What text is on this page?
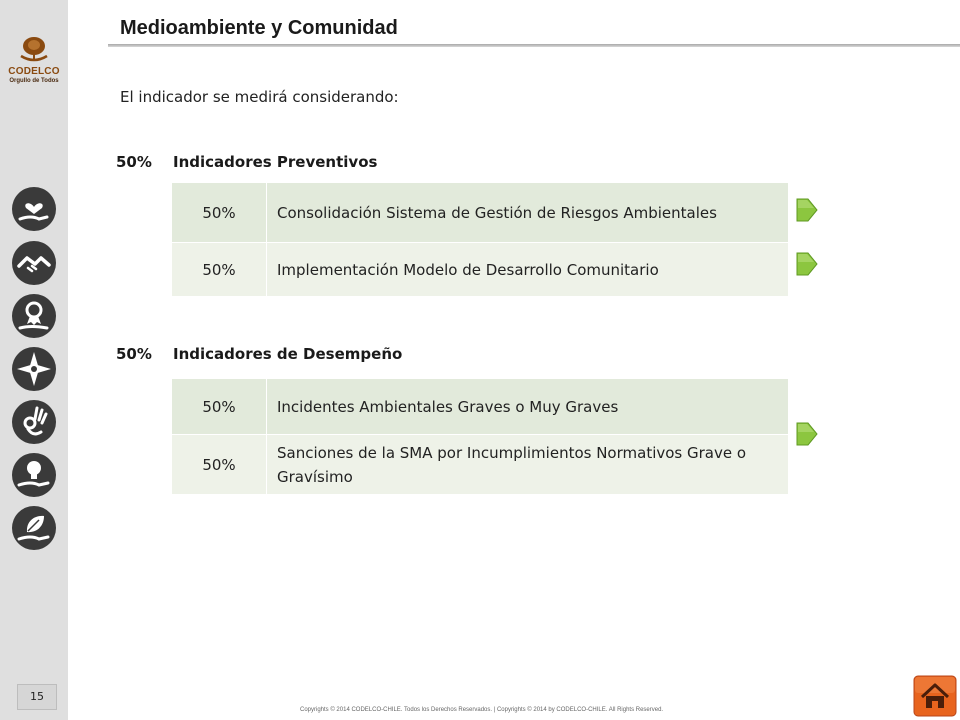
CODELCO
Orgullo de Todos
15
Medioambiente y Comunidad
El indicador se medirá considerando:
50% Indicadores Preventivos
50%	Consolidación Sistema de Gestión de Riesgos Ambientales
50%	Implementación Modelo de Desarrollo Comunitario
50% Indicadores de Desempeño
50%	Incidentes Ambientales Graves o Muy Graves
50%	Sanciones de la SMA por Incumplimientos Normativos Grave o Gravísimo
Copyrights © 2014 CODELCO-CHILE. Todos los Derechos Reservados. | Copyrights © 2014 by CODELCO-CHILE. All Rights Reserved.
